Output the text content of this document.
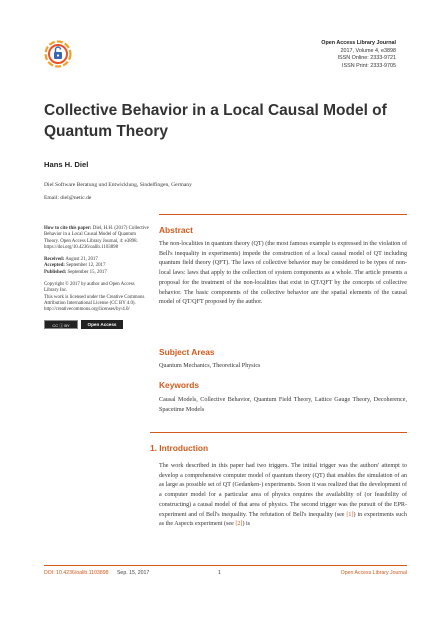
Open Access Library Journal
2017, Volume 4, e3898
ISSN Online: 2333-9721
ISSN Print: 2333-9705
Collective Behavior in a Local Causal Model of Quantum Theory
Hans H. Diel
Diel Software Beratung und Entwicklung, Sindelfingen, Germany
Email: diel@netic.de

How to cite this paper: Diel, H.H. (2017) Collective Behavior in a Local Causal Model of Quantum Theory. Open Access Library Journal, 4: e3898. https://doi.org/10.4236/oalib.1103898

Received: August 21, 2017
Accepted: September 12, 2017
Published: September 15, 2017

Copyright © 2017 by author and Open Access Library Inc.
This work is licensed under the Creative Commons Attribution International License (CC BY 4.0).
http://creativecommons.org/licenses/by/4.0/

CC ⓘ BY	Open Access
Abstract

The non-localities in quantum theory (QT) (the most famous example is expressed in the violation of Bell's inequality in experiments) impede the construction of a local causal model of QT including quantum field theory (QFT). The laws of collective behavior may be considered to be types of non-local laws: laws that apply to the collection of system components as a whole. The article presents a proposal for the treatment of the non-localities that exist in QT/QFT by the concepts of collective behavior. The basic components of the collective behavior are the spatial elements of the causal model of QT/QFT proposed by the author.

Subject Areas

Quantum Mechanics, Theoretical Physics

Keywords

Causal Models, Collective Behavior, Quantum Field Theory, Lattice Gauge Theory, Decoherence, Spacetime Models

1. Introduction

The work described in this paper had two triggers. The initial trigger was the authors' attempt to develop a comprehensive computer model of quantum theory (QT) that enables the simulation of an as large as possible set of QT (Gedanken-) experiments. Soon it was realized that the development of a computer model for a particular area of physics requires the availability of (or feasibility of constructing) a causal model of that area of physics. The second trigger was the pursuit of the EPR-experiment and of Bell's inequality. The refutation of Bell's inequality (see [1]) in experiments such as the Aspects experiment (see [2]) is

DOI: 10.4236/oalib.1103898 Sep. 15, 2017	1	Open Access Library Journal
